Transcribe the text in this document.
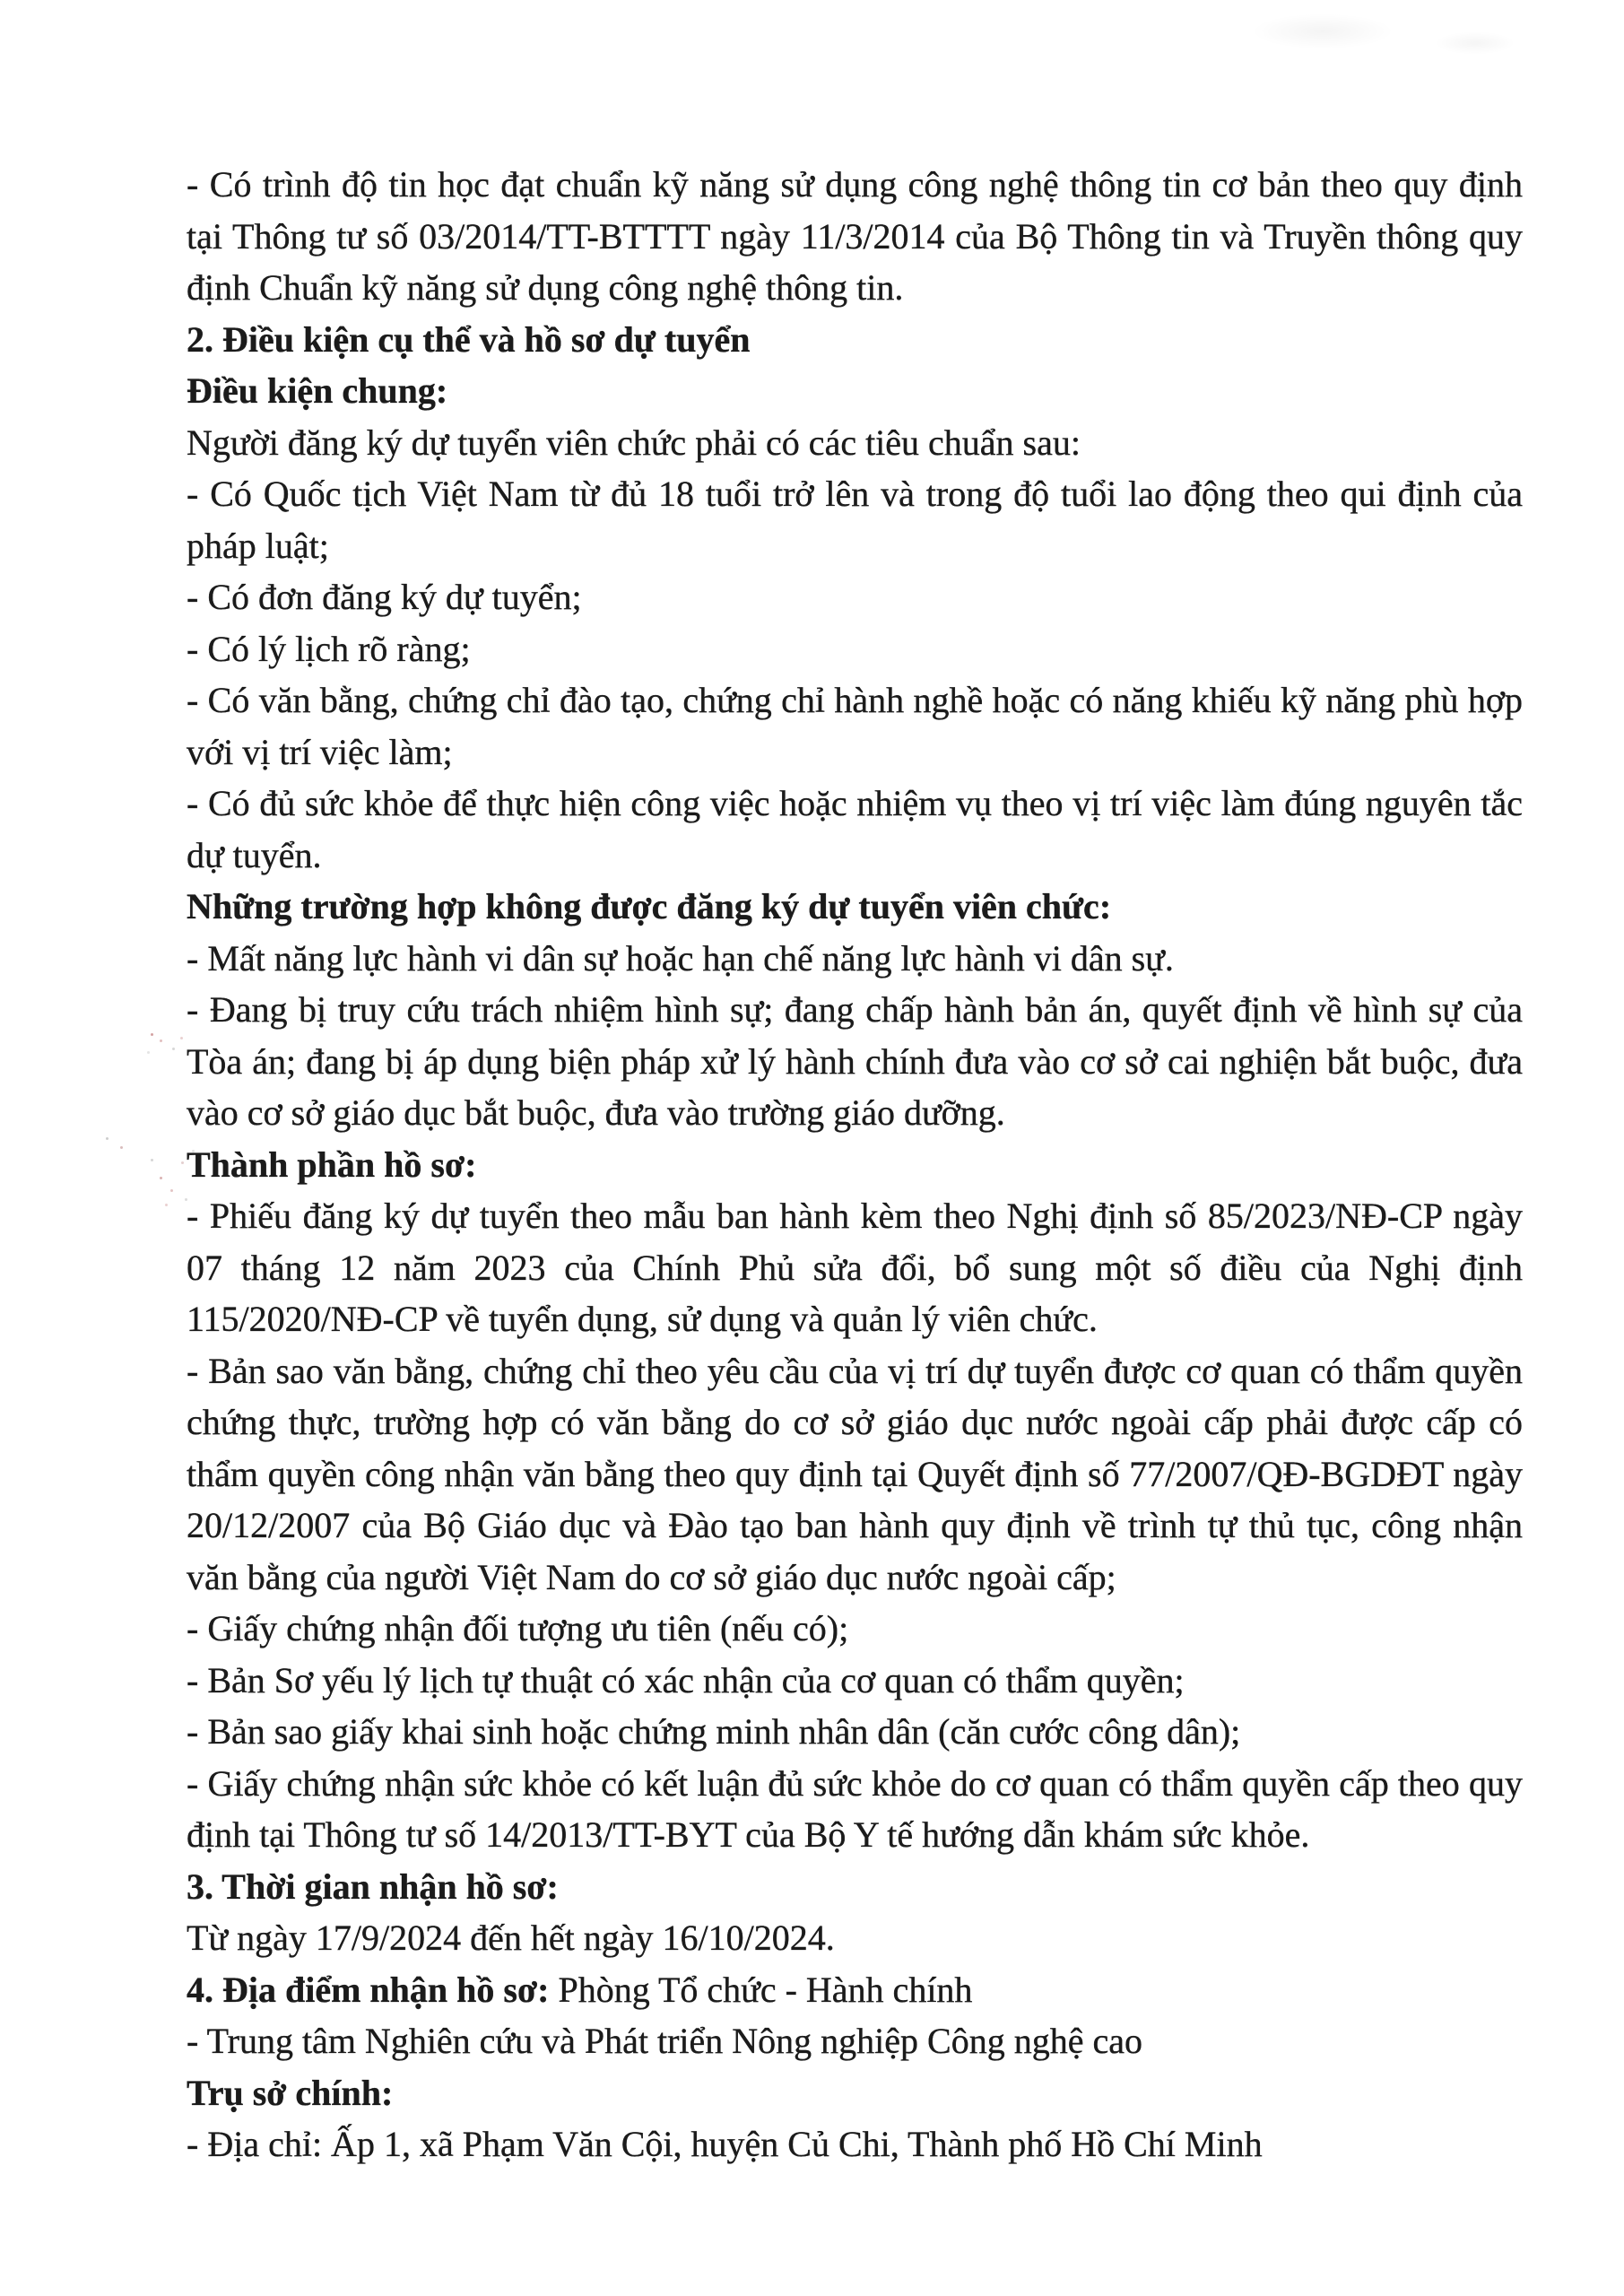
- Có trình độ tin học đạt chuẩn kỹ năng sử dụng công nghệ thông tin cơ bản theo quy định tại Thông tư số 03/2014/TT-BTTTT ngày 11/3/2014 của Bộ Thông tin và Truyền thông quy định Chuẩn kỹ năng sử dụng công nghệ thông tin.

2. Điều kiện cụ thể và hồ sơ dự tuyển

Điều kiện chung:

Người đăng ký dự tuyển viên chức phải có các tiêu chuẩn sau:

- Có Quốc tịch Việt Nam từ đủ 18 tuổi trở lên và trong độ tuổi lao động theo qui định của pháp luật;

- Có đơn đăng ký dự tuyển;

- Có lý lịch rõ ràng;

- Có văn bằng, chứng chỉ đào tạo, chứng chỉ hành nghề hoặc có năng khiếu kỹ năng phù hợp với vị trí việc làm;

- Có đủ sức khỏe để thực hiện công việc hoặc nhiệm vụ theo vị trí việc làm đúng nguyên tắc dự tuyển.

Những trường hợp không được đăng ký dự tuyển viên chức:

- Mất năng lực hành vi dân sự hoặc hạn chế năng lực hành vi dân sự.

- Đang bị truy cứu trách nhiệm hình sự; đang chấp hành bản án, quyết định về hình sự của Tòa án; đang bị áp dụng biện pháp xử lý hành chính đưa vào cơ sở cai nghiện bắt buộc, đưa vào cơ sở giáo dục bắt buộc, đưa vào trường giáo dưỡng.

Thành phần hồ sơ:

- Phiếu đăng ký dự tuyển theo mẫu ban hành kèm theo Nghị định số 85/2023/NĐ-CP ngày 07 tháng 12 năm 2023 của Chính Phủ sửa đổi, bổ sung một số điều của Nghị định 115/2020/NĐ-CP về tuyển dụng, sử dụng và quản lý viên chức.

- Bản sao văn bằng, chứng chỉ theo yêu cầu của vị trí dự tuyển được cơ quan có thẩm quyền chứng thực, trường hợp có văn bằng do cơ sở giáo dục nước ngoài cấp phải được cấp có thẩm quyền công nhận văn bằng theo quy định tại Quyết định số 77/2007/QĐ-BGDĐT ngày 20/12/2007 của Bộ Giáo dục và Đào tạo ban hành quy định về trình tự thủ tục, công nhận văn bằng của người Việt Nam do cơ sở giáo dục nước ngoài cấp;

- Giấy chứng nhận đối tượng ưu tiên (nếu có);

- Bản Sơ yếu lý lịch tự thuật có xác nhận của cơ quan có thẩm quyền;

- Bản sao giấy khai sinh hoặc chứng minh nhân dân (căn cước công dân);

- Giấy chứng nhận sức khỏe có kết luận đủ sức khỏe do cơ quan có thẩm quyền cấp theo quy định tại Thông tư số 14/2013/TT-BYT của Bộ Y tế hướng dẫn khám sức khỏe.

3. Thời gian nhận hồ sơ:

Từ ngày 17/9/2024 đến hết ngày 16/10/2024.

4. Địa điểm nhận hồ sơ: Phòng Tổ chức - Hành chính

- Trung tâm Nghiên cứu và Phát triển Nông nghiệp Công nghệ cao

Trụ sở chính:

- Địa chỉ: Ấp 1, xã Phạm Văn Cội, huyện Củ Chi, Thành phố Hồ Chí Minh
